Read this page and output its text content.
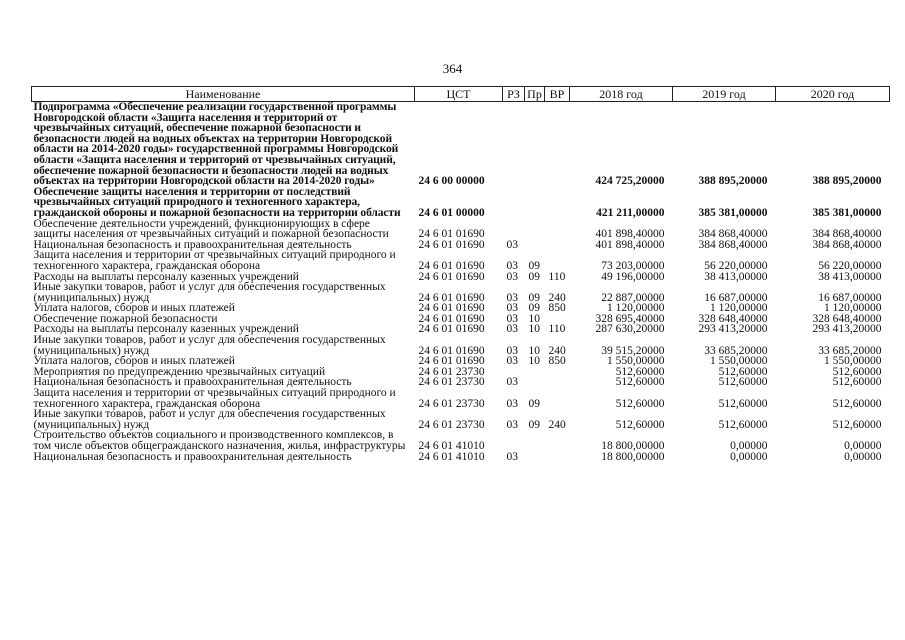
364
Наименование	ЦСТ	РЗ	Пр	ВР	2018 год	2019 год	2020 год
Подпрограмма «Обеспечение реализации государственной программы Новгородской области «Защита населения и территорий от чрезвычайных ситуаций, обеспечение пожарной безопасности и безопасности людей на водных объектах на территории Новгородской области на 2014-2020 годы» государственной программы Новгородской области «Защита населения и территорий от чрезвычайных ситуаций, обеспечение пожарной безопасности и безопасности людей на водных объектах на территории Новгородской области на 2014-2020 годы»	24 6 00 00000				424 725,20000	388 895,20000	388 895,20000
Обеспечение защиты населения и территории от последствий чрезвычайных ситуаций природного и техногенного характера, гражданской обороны и пожарной безопасности на территории области	24 6 01 00000				421 211,00000	385 381,00000	385 381,00000
Обеспечение деятельности учреждений, функционирующих в сфере защиты населения от чрезвычайных ситуаций и пожарной безопасности	24 6 01 01690				401 898,40000	384 868,40000	384 868,40000
Национальная безопасность и правоохранительная деятельность	24 6 01 01690	03			401 898,40000	384 868,40000	384 868,40000
Защита населения и территории от чрезвычайных ситуаций природного и техногенного характера, гражданская оборона	24 6 01 01690	03	09		73 203,00000	56 220,00000	56 220,00000
Расходы на выплаты персоналу казенных учреждений	24 6 01 01690	03	09	110	49 196,00000	38 413,00000	38 413,00000
Иные закупки товаров, работ и услуг для обеспечения государственных (муниципальных) нужд	24 6 01 01690	03	09	240	22 887,00000	16 687,00000	16 687,00000
Уплата налогов, сборов и иных платежей	24 6 01 01690	03	09	850	1 120,00000	1 120,00000	1 120,00000
Обеспечение пожарной безопасности	24 6 01 01690	03	10		328 695,40000	328 648,40000	328 648,40000
Расходы на выплаты персоналу казенных учреждений	24 6 01 01690	03	10	110	287 630,20000	293 413,20000	293 413,20000
Иные закупки товаров, работ и услуг для обеспечения государственных (муниципальных) нужд	24 6 01 01690	03	10	240	39 515,20000	33 685,20000	33 685,20000
Уплата налогов, сборов и иных платежей	24 6 01 01690	03	10	850	1 550,00000	1 550,00000	1 550,00000
Мероприятия по предупреждению чрезвычайных ситуаций	24 6 01 23730				512,60000	512,60000	512,60000
Национальная безопасность и правоохранительная деятельность	24 6 01 23730	03			512,60000	512,60000	512,60000
Защита населения и территории от чрезвычайных ситуаций природного и техногенного характера, гражданская оборона	24 6 01 23730	03	09		512,60000	512,60000	512,60000
Иные закупки товаров, работ и услуг для обеспечения государственных (муниципальных) нужд	24 6 01 23730	03	09	240	512,60000	512,60000	512,60000
Строительство объектов социального и производственного комплексов, в том числе объектов общегражданского назначения, жилья, инфраструктуры	24 6 01 41010				18 800,00000	0,00000	0,00000
Национальная безопасность и правоохранительная деятельность	24 6 01 41010	03			18 800,00000	0,00000	0,00000
